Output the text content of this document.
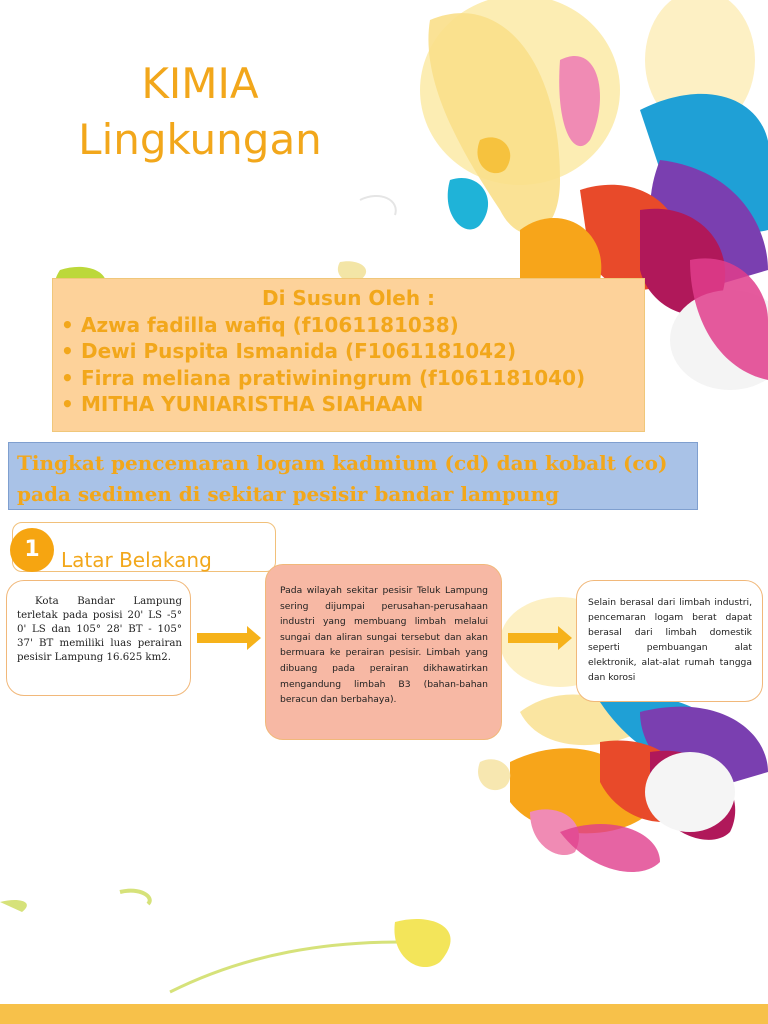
KIMIA
Lingkungan
Di Susun Oleh :
• Azwa fadilla wafiq (f1061181038)
• Dewi Puspita Ismanida (F1061181042)
• Firra meliana pratiwiningrum (f1061181040)
• MITHA YUNIARISTHA SIAHAAN
Tingkat pencemaran logam kadmium (cd) dan kobalt (co)
pada sedimen di sekitar pesisir bandar lampung
1	Latar Belakang
Kota Bandar Lampung terletak pada posisi 20' LS -5° 0' LS dan 105° 28' BT - 105° 37' BT memiliki luas perairan pesisir Lampung 16.625 km2.
Pada wilayah sekitar pesisir Teluk Lampung sering dijumpai perusahan-perusahaan industri yang membuang limbah melalui sungai dan aliran sungai tersebut dan akan bermuara ke perairan pesisir. Limbah yang dibuang pada perairan dikhawatirkan mengandung limbah B3 (bahan-bahan beracun dan berbahaya).
Selain berasal dari limbah industri, pencemaran logam berat dapat berasal dari limbah domestik seperti pembuangan alat elektronik, alat-alat rumah tangga dan korosi
